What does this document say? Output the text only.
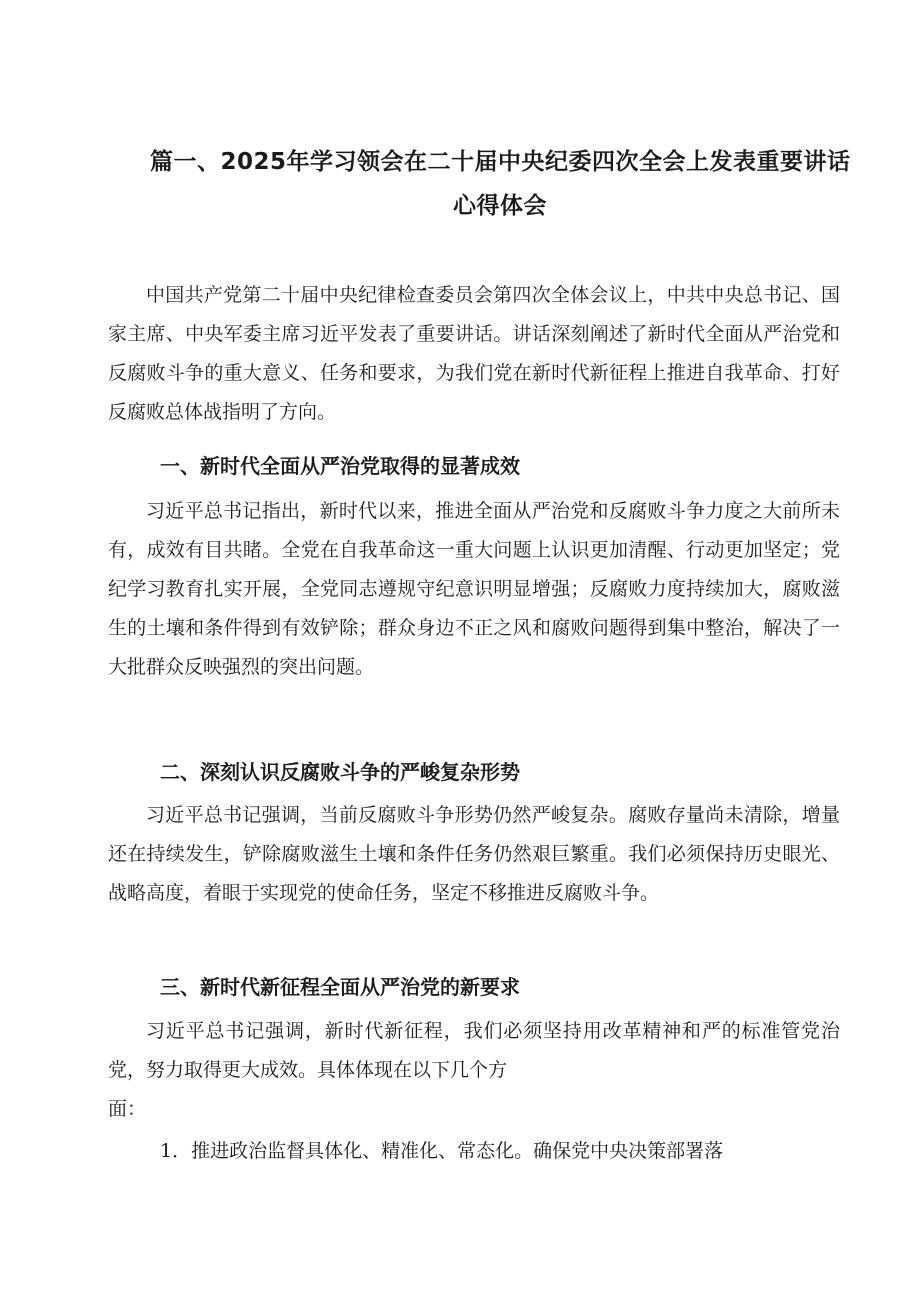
篇一、2025年学习领会在二十届中央纪委四次全会上发表重要讲话
心得体会

中国共产党第二十届中央纪律检查委员会第四次全体会议上，中共中央总书记、国家主席、中央军委主席习近平发表了重要讲话。讲话深刻阐述了新时代全面从严治党和反腐败斗争的重大意义、任务和要求，为我们党在新时代新征程上推进自我革命、打好反腐败总体战指明了方向。

一、新时代全面从严治党取得的显著成效

习近平总书记指出，新时代以来，推进全面从严治党和反腐败斗争力度之大前所未有，成效有目共睹。全党在自我革命这一重大问题上认识更加清醒、行动更加坚定；党纪学习教育扎实开展，全党同志遵规守纪意识明显增强；反腐败力度持续加大，腐败滋生的土壤和条件得到有效铲除；群众身边不正之风和腐败问题得到集中整治，解决了一大批群众反映强烈的突出问题。

二、深刻认识反腐败斗争的严峻复杂形势

习近平总书记强调，当前反腐败斗争形势仍然严峻复杂。腐败存量尚未清除，增量还在持续发生，铲除腐败滋生土壤和条件任务仍然艰巨繁重。我们必须保持历史眼光、战略高度，着眼于实现党的使命任务，坚定不移推进反腐败斗争。

三、新时代新征程全面从严治党的新要求

习近平总书记强调，新时代新征程，我们必须坚持用改革精神和严的标准管党治党，努力取得更大成效。具体体现在以下几个方

面：
1．推进政治监督具体化、精准化、常态化。确保党中央决策部署落
